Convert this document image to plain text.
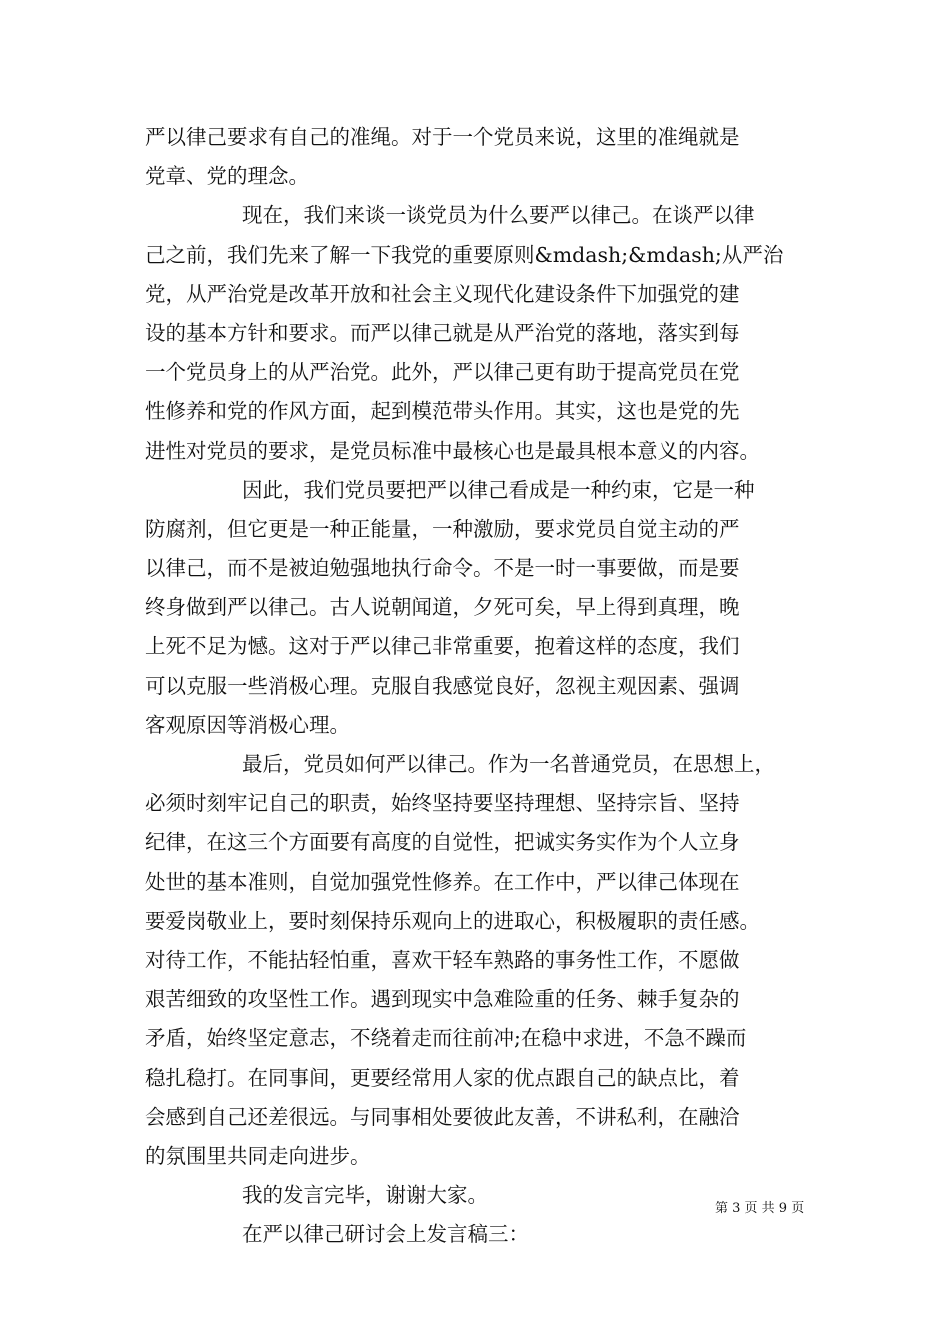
严以律己要求有自己的准绳。对于一个党员来说，这里的准绳就是
党章、党的理念。
现在，我们来谈一谈党员为什么要严以律己。在谈严以律
己之前，我们先来了解一下我党的重要原则&mdash;&mdash;从严治
党，从严治党是改革开放和社会主义现代化建设条件下加强党的建
设的基本方针和要求。而严以律己就是从严治党的落地，落实到每
一个党员身上的从严治党。此外，严以律己更有助于提高党员在党
性修养和党的作风方面，起到模范带头作用。其实，这也是党的先
进性对党员的要求，是党员标准中最核心也是最具根本意义的内容。
因此，我们党员要把严以律己看成是一种约束，它是一种
防腐剂，但它更是一种正能量，一种激励，要求党员自觉主动的严
以律己，而不是被迫勉强地执行命令。不是一时一事要做，而是要
终身做到严以律己。古人说朝闻道，夕死可矣，早上得到真理，晚
上死不足为憾。这对于严以律己非常重要，抱着这样的态度，我们
可以克服一些消极心理。克服自我感觉良好，忽视主观因素、强调
客观原因等消极心理。
最后，党员如何严以律己。作为一名普通党员，在思想上，
必须时刻牢记自己的职责，始终坚持要坚持理想、坚持宗旨、坚持
纪律，在这三个方面要有高度的自觉性，把诚实务实作为个人立身
处世的基本准则，自觉加强党性修养。在工作中，严以律己体现在
要爱岗敬业上，要时刻保持乐观向上的进取心，积极履职的责任感。
对待工作，不能拈轻怕重，喜欢干轻车熟路的事务性工作，不愿做
艰苦细致的攻坚性工作。遇到现实中急难险重的任务、棘手复杂的
矛盾，始终坚定意志，不绕着走而往前冲;在稳中求进，不急不躁而
稳扎稳打。在同事间，更要经常用人家的优点跟自己的缺点比，着
会感到自己还差很远。与同事相处要彼此友善，不讲私利，在融洽
的氛围里共同走向进步。
我的发言完毕，谢谢大家。
在严以律己研讨会上发言稿三：
第 3 页 共 9 页
